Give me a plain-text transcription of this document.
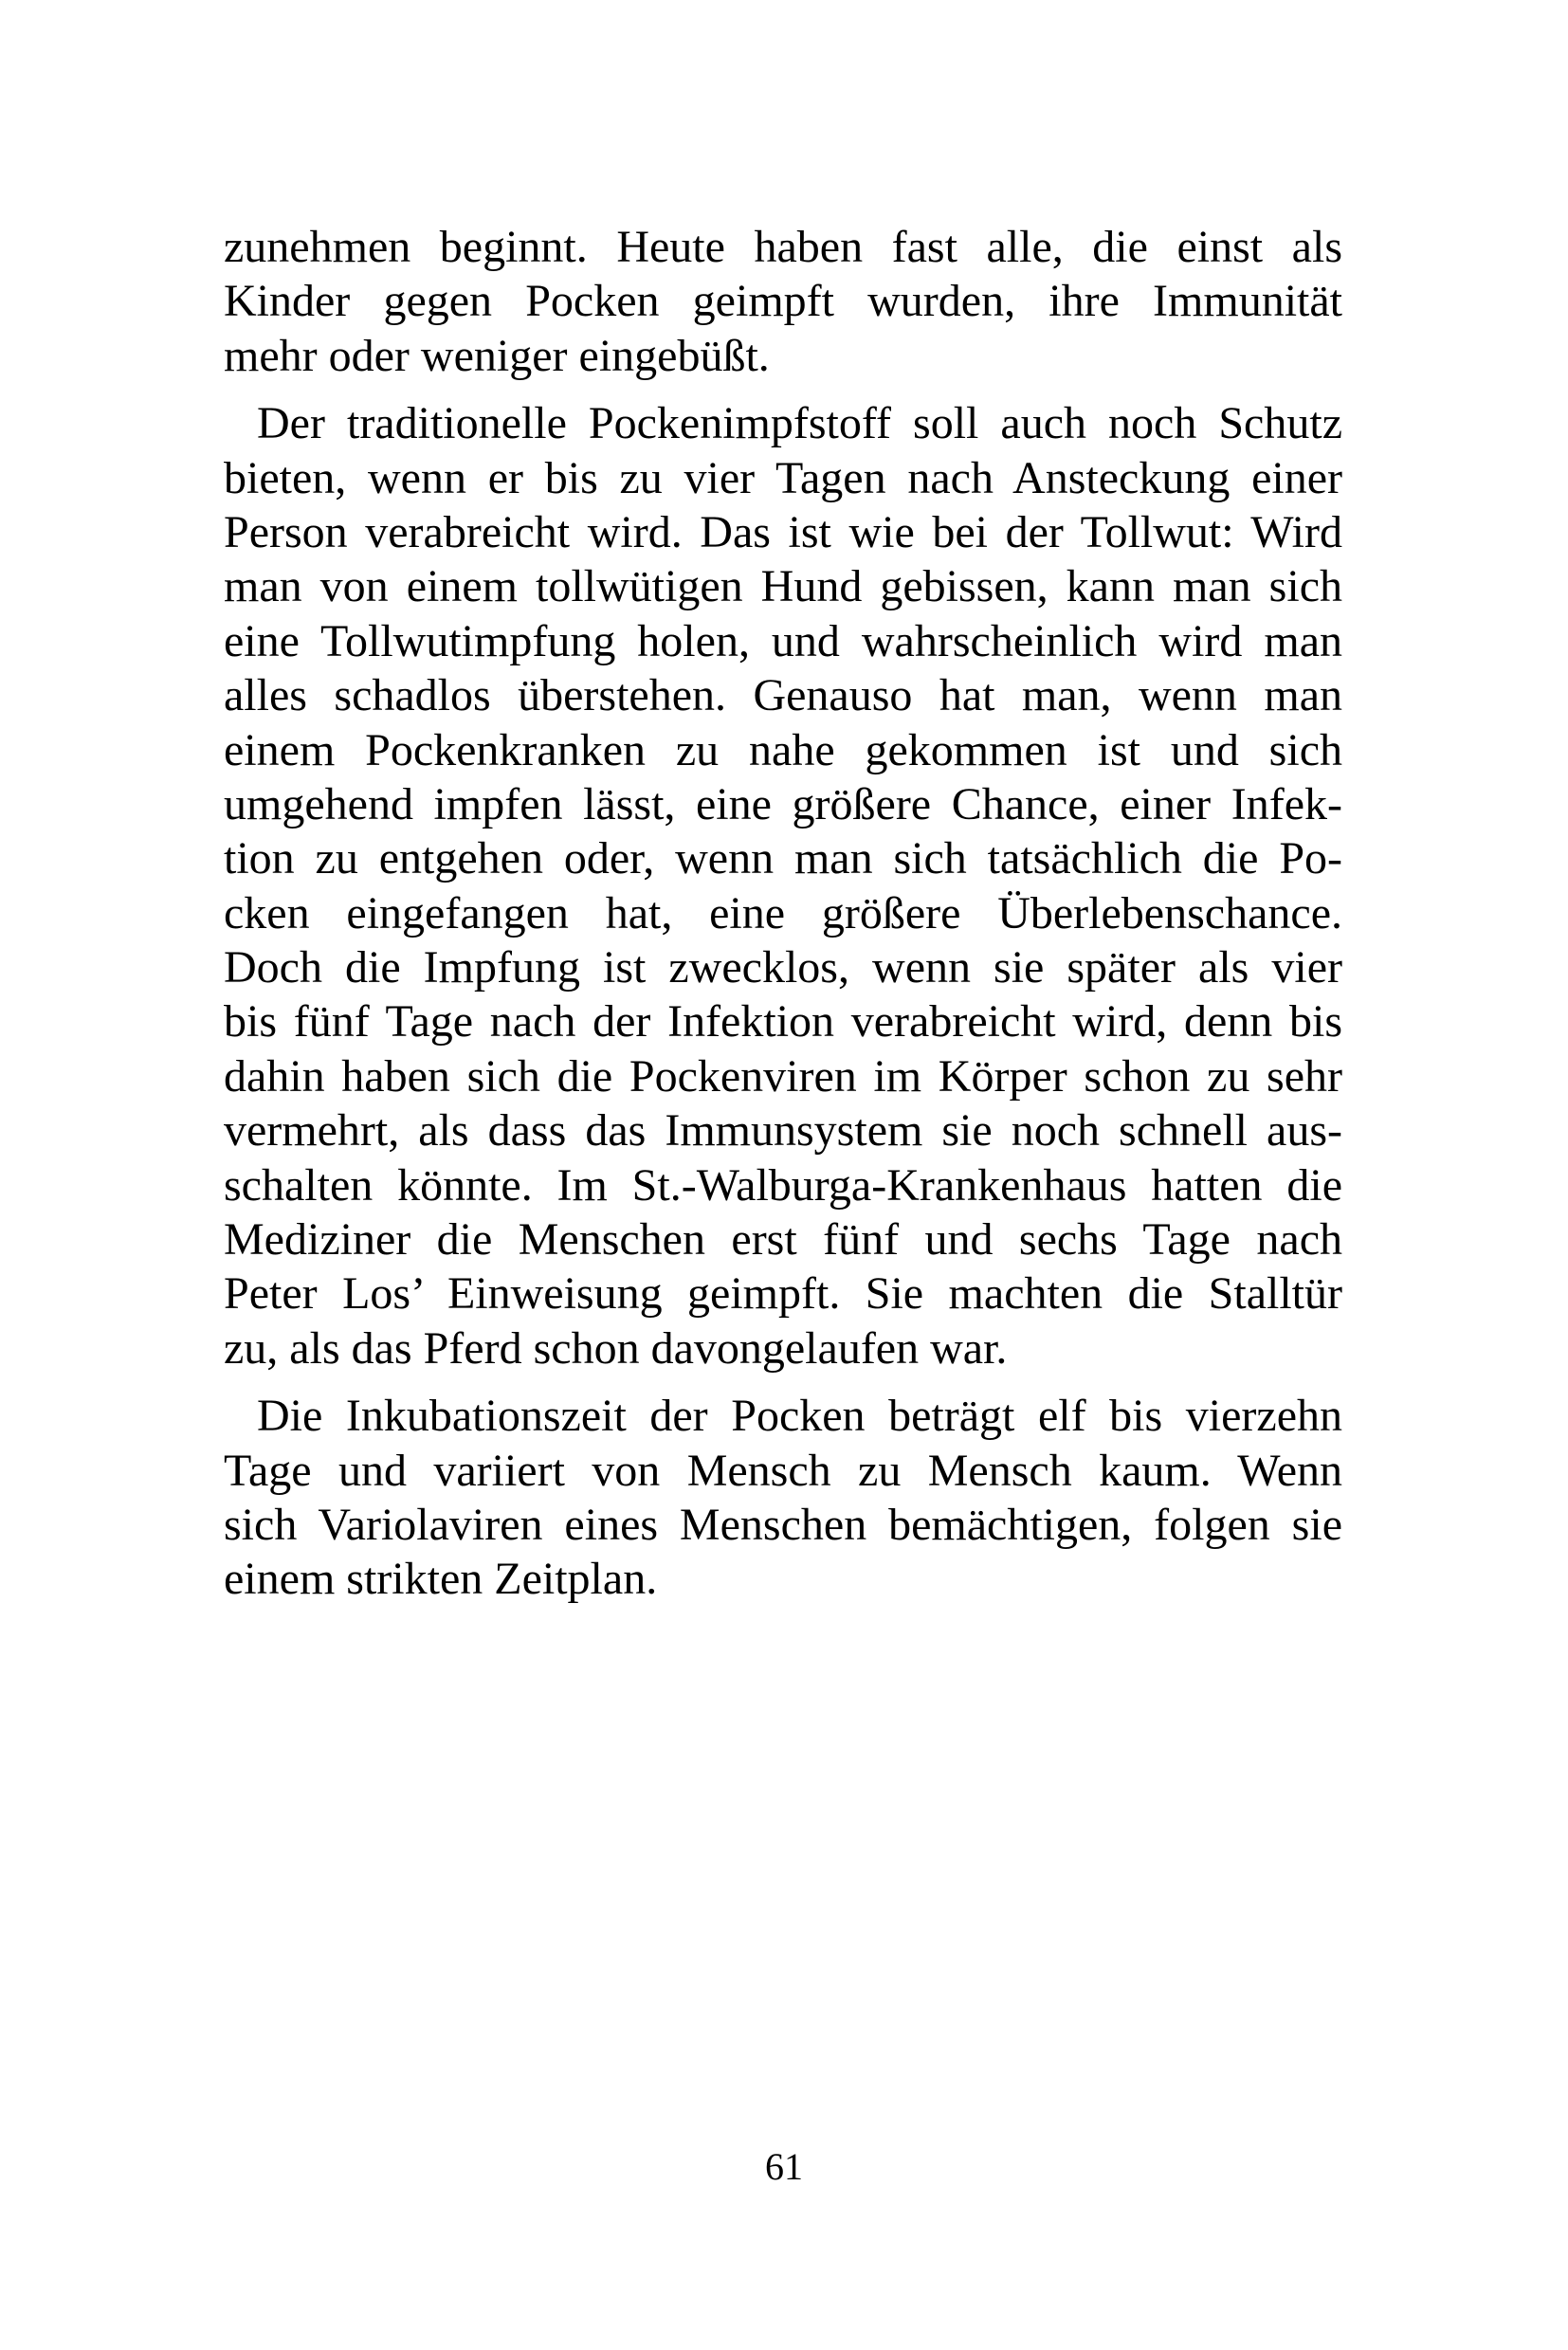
zunehmen beginnt. Heute haben fast alle, die einst als
Kinder gegen Pocken geimpft wurden, ihre Immunität
mehr oder weniger eingebüßt.
Der traditionelle Pockenimpfstoff soll auch noch Schutz
bieten, wenn er bis zu vier Tagen nach Ansteckung einer
Person verabreicht wird. Das ist wie bei der Tollwut: Wird
man von einem tollwütigen Hund gebissen, kann man sich
eine Tollwutimpfung holen, und wahrscheinlich wird man
alles schadlos überstehen. Genauso hat man, wenn man
einem Pockenkranken zu nahe gekommen ist und sich
umgehend impfen lässt, eine größere Chance, einer Infek-
tion zu entgehen oder, wenn man sich tatsächlich die Po-
cken eingefangen hat, eine größere Überlebenschance.
Doch die Impfung ist zwecklos, wenn sie später als vier
bis fünf Tage nach der Infektion verabreicht wird, denn bis
dahin haben sich die Pockenviren im Körper schon zu sehr
vermehrt, als dass das Immunsystem sie noch schnell aus-
schalten könnte. Im St.-Walburga-Krankenhaus hatten die
Mediziner die Menschen erst fünf und sechs Tage nach
Peter Los’ Einweisung geimpft. Sie machten die Stalltür
zu, als das Pferd schon davongelaufen war.
Die Inkubationszeit der Pocken beträgt elf bis vierzehn
Tage und variiert von Mensch zu Mensch kaum. Wenn
sich Variolaviren eines Menschen bemächtigen, folgen sie
einem strikten Zeitplan.
61
